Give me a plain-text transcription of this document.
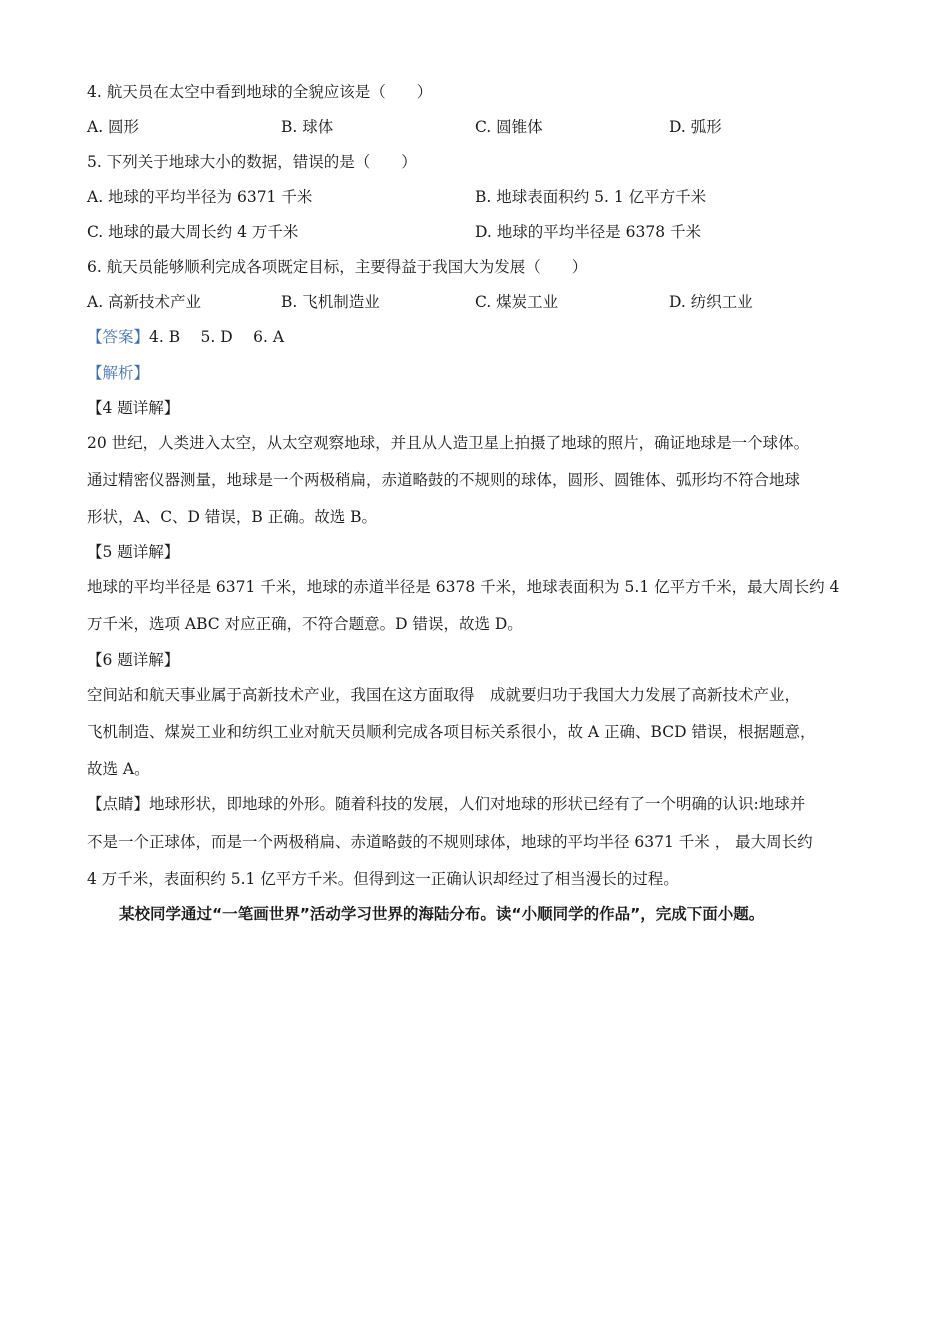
4. 航天员在太空中看到地球的全貌应该是（　　）
A. 圆形	B. 球体	C. 圆锥体	D. 弧形
5. 下列关于地球大小的数据，错误的是（　　）
A. 地球的平均半径为 6371 千米	B. 地球表面积约 5. 1 亿平方千米
C. 地球的最大周长约 4 万千米	D. 地球的平均半径是 6378 千米
6. 航天员能够顺利完成各项既定目标，主要得益于我国大为发展（　　）
A. 高新技术产业	B. 飞机制造业	C. 煤炭工业	D. 纺织工业
【答案】4. B　 5. D　 6. A
【解析】
【4 题详解】
20 世纪，人类进入太空，从太空观察地球，并且从人造卫星上拍摄了地球的照片，确证地球是一个球体。
通过精密仪器测量，地球是一个两极稍扁，赤道略鼓的不规则的球体，圆形、圆锥体、弧形均不符合地球
形状，A、C、D 错误，B 正确。故选 B。
【5 题详解】
地球的平均半径是 6371 千米，地球的赤道半径是 6378 千米，地球表面积为 5.1 亿平方千米，最大周长约 4
万千米，选项 ABC 对应正确，不符合题意。D 错误，故选 D。
【6 题详解】
空间站和航天事业属于高新技术产业，我国在这方面取得　成就要归功于我国大力发展了高新技术产业，
飞机制造、煤炭工业和纺织工业对航天员顺利完成各项目标关系很小，故 A 正确、BCD 错误，根据题意，
故选 A。
【点睛】地球形状，即地球的外形。随着科技的发展，人们对地球的形状已经有了一个明确的认识:地球并
不是一个正球体，而是一个两极稍扁、赤道略鼓的不规则球体，地球的平均半径 6371 千米 ， 最大周长约
4 万千米，表面积约 5.1 亿平方千米。但得到这一正确认识却经过了相当漫长的过程。
某校同学通过“一笔画世界”活动学习世界的海陆分布。读“小顺同学的作品”，完成下面小题。
